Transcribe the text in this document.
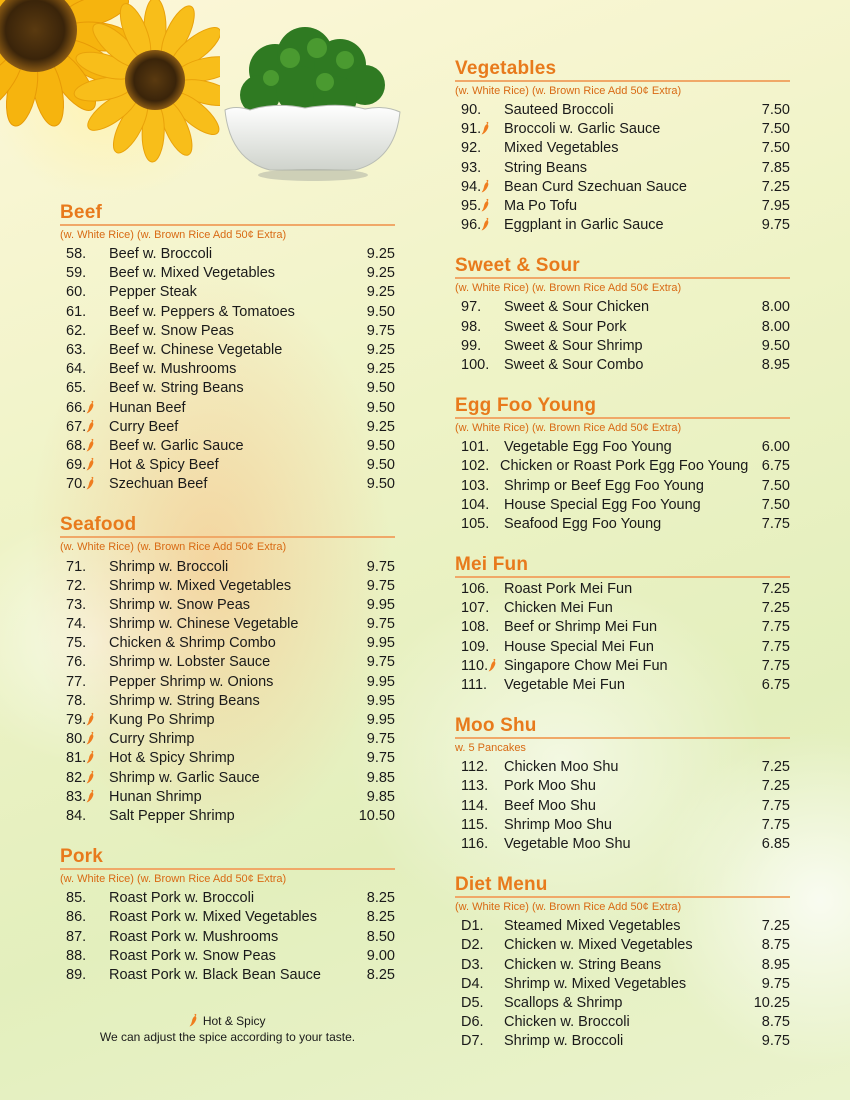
Beef
(w. White Rice) (w. Brown Rice Add 50¢ Extra)
58.	Beef w. Broccoli	9.25
59.	Beef w. Mixed Vegetables	9.25
60.	Pepper Steak	9.25
61.	Beef w. Peppers & Tomatoes	9.50
62.	Beef w. Snow Peas	9.75
63.	Beef w. Chinese Vegetable	9.25
64.	Beef w. Mushrooms	9.25
65.	Beef w. String Beans	9.50
66.	Hunan Beef	9.50
67.	Curry Beef	9.25
68.	Beef w. Garlic Sauce	9.50
69.	Hot & Spicy Beef	9.50
70.	Szechuan Beef	9.50
Seafood
(w. White Rice) (w. Brown Rice Add 50¢ Extra)
71.	Shrimp w. Broccoli	9.75
72.	Shrimp w. Mixed Vegetables	9.75
73.	Shrimp w. Snow Peas	9.95
74.	Shrimp w. Chinese Vegetable	9.75
75.	Chicken & Shrimp Combo	9.95
76.	Shrimp w. Lobster Sauce	9.75
77.	Pepper Shrimp w. Onions	9.95
78.	Shrimp w. String Beans	9.95
79.	Kung Po Shrimp	9.95
80.	Curry Shrimp	9.75
81.	Hot & Spicy Shrimp	9.75
82.	Shrimp w. Garlic Sauce	9.85
83.	Hunan Shrimp	9.85
84.	Salt Pepper Shrimp	10.50
Pork
(w. White Rice) (w. Brown Rice Add 50¢ Extra)
85.	Roast Pork w. Broccoli	8.25
86.	Roast Pork w. Mixed Vegetables	8.25
87.	Roast Pork w. Mushrooms	8.50
88.	Roast Pork w. Snow Peas	9.00
89.	Roast Pork w. Black Bean Sauce	8.25
Vegetables
(w. White Rice) (w. Brown Rice Add 50¢ Extra)
90.	Sauteed Broccoli	7.50
91.	Broccoli w. Garlic Sauce	7.50
92.	Mixed Vegetables	7.50
93.	String Beans	7.85
94.	Bean Curd Szechuan Sauce	7.25
95.	Ma Po Tofu	7.95
96.	Eggplant in Garlic Sauce	9.75
Sweet & Sour
(w. White Rice) (w. Brown Rice Add 50¢ Extra)
97.	Sweet & Sour Chicken	8.00
98.	Sweet & Sour Pork	8.00
99.	Sweet & Sour Shrimp	9.50
100.	Sweet & Sour Combo	8.95
Egg Foo Young
(w. White Rice) (w. Brown Rice Add 50¢ Extra)
101.	Vegetable Egg Foo Young	6.00
102. Chicken or Roast Pork Egg Foo Young 6.75
103.	Shrimp or Beef Egg Foo Young	7.50
104.	House Special Egg Foo Young	7.50
105.	Seafood Egg Foo Young	7.75
Mei Fun
106.	Roast Pork Mei Fun	7.25
107.	Chicken Mei Fun	7.25
108.	Beef or Shrimp Mei Fun	7.75
109.	House Special Mei Fun	7.75
110.	Singapore Chow Mei Fun	7.75
111.	Vegetable Mei Fun	6.75
Moo Shu
w. 5 Pancakes
112.	Chicken Moo Shu	7.25
113.	Pork Moo Shu	7.25
114.	Beef Moo Shu	7.75
115.	Shrimp Moo Shu	7.75
116.	Vegetable Moo Shu	6.85
Diet Menu
(w. White Rice) (w. Brown Rice Add 50¢ Extra)
D1.	Steamed Mixed Vegetables	7.25
D2.	Chicken w. Mixed Vegetables	8.75
D3.	Chicken w. String Beans	8.95
D4.	Shrimp w. Mixed Vegetables	9.75
D5.	Scallops & Shrimp	10.25
D6.	Chicken w. Broccoli	8.75
D7.	Shrimp w. Broccoli	9.75
Hot & Spicy
We can adjust the spice according to your taste.
